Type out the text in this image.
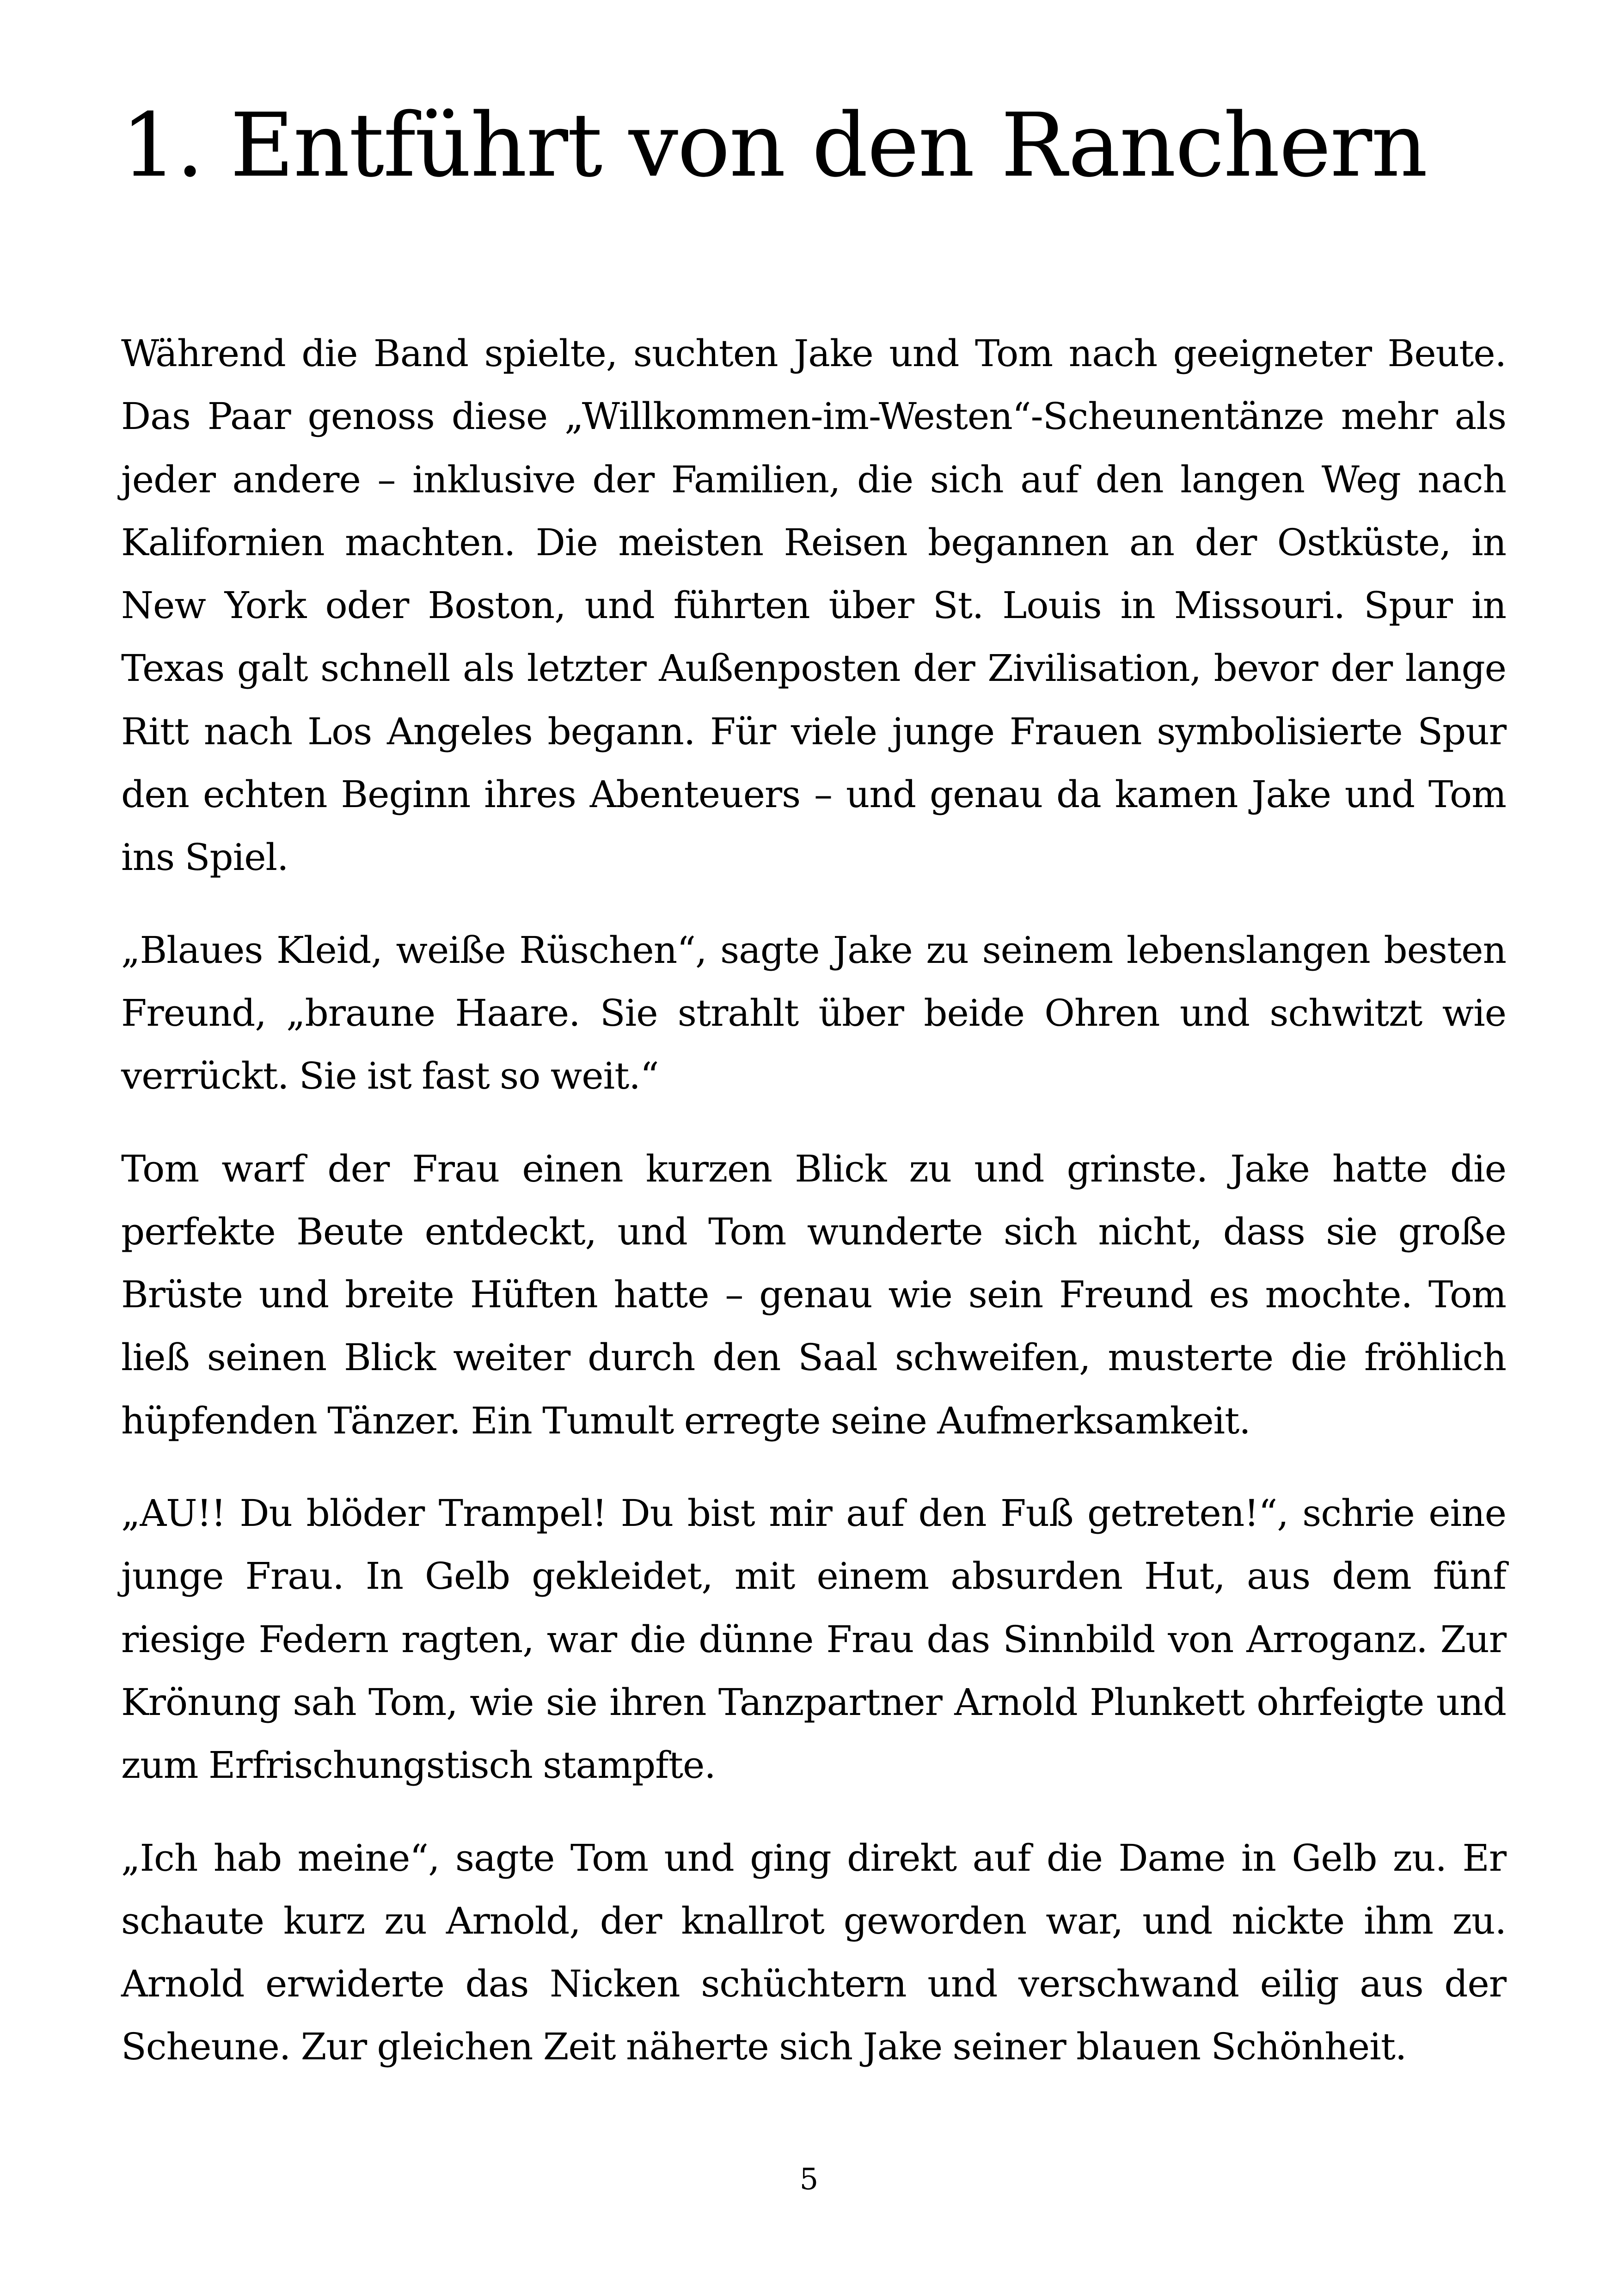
1. Entführt von den Ranchern

Während die Band spielte, suchten Jake und Tom nach geeigneter Beute. Das Paar genoss diese „Willkommen-im-Westen“-Scheunentänze mehr als jeder andere – inklusive der Familien, die sich auf den langen Weg nach Kalifornien machten. Die meisten Reisen begannen an der Ostküste, in New York oder Boston, und führten über St. Louis in Missouri. Spur in Texas galt schnell als letzter Außenposten der Zivilisation, bevor der lange Ritt nach Los Angeles begann. Für viele junge Frauen symbolisierte Spur den echten Beginn ihres Abenteuers – und genau da kamen Jake und Tom ins Spiel.

„Blaues Kleid, weiße Rüschen“, sagte Jake zu seinem lebenslangen besten Freund, „braune Haare. Sie strahlt über beide Ohren und schwitzt wie verrückt. Sie ist fast so weit.“

Tom warf der Frau einen kurzen Blick zu und grinste. Jake hatte die perfekte Beute entdeckt, und Tom wunderte sich nicht, dass sie große Brüste und breite Hüften hatte – genau wie sein Freund es mochte. Tom ließ seinen Blick weiter durch den Saal schweifen, musterte die fröhlich hüpfenden Tänzer. Ein Tumult erregte seine Aufmerksamkeit.

„AU!! Du blöder Trampel! Du bist mir auf den Fuß getreten!“, schrie eine junge Frau. In Gelb gekleidet, mit einem absurden Hut, aus dem fünf riesige Federn ragten, war die dünne Frau das Sinnbild von Arroganz. Zur Krönung sah Tom, wie sie ihren Tanzpartner Arnold Plunkett ohrfeigte und zum Erfrischungstisch stampfte.

„Ich hab meine“, sagte Tom und ging direkt auf die Dame in Gelb zu. Er schaute kurz zu Arnold, der knallrot geworden war, und nickte ihm zu. Arnold erwiderte das Nicken schüchtern und verschwand eilig aus der Scheune. Zur gleichen Zeit näherte sich Jake seiner blauen Schönheit.

5
